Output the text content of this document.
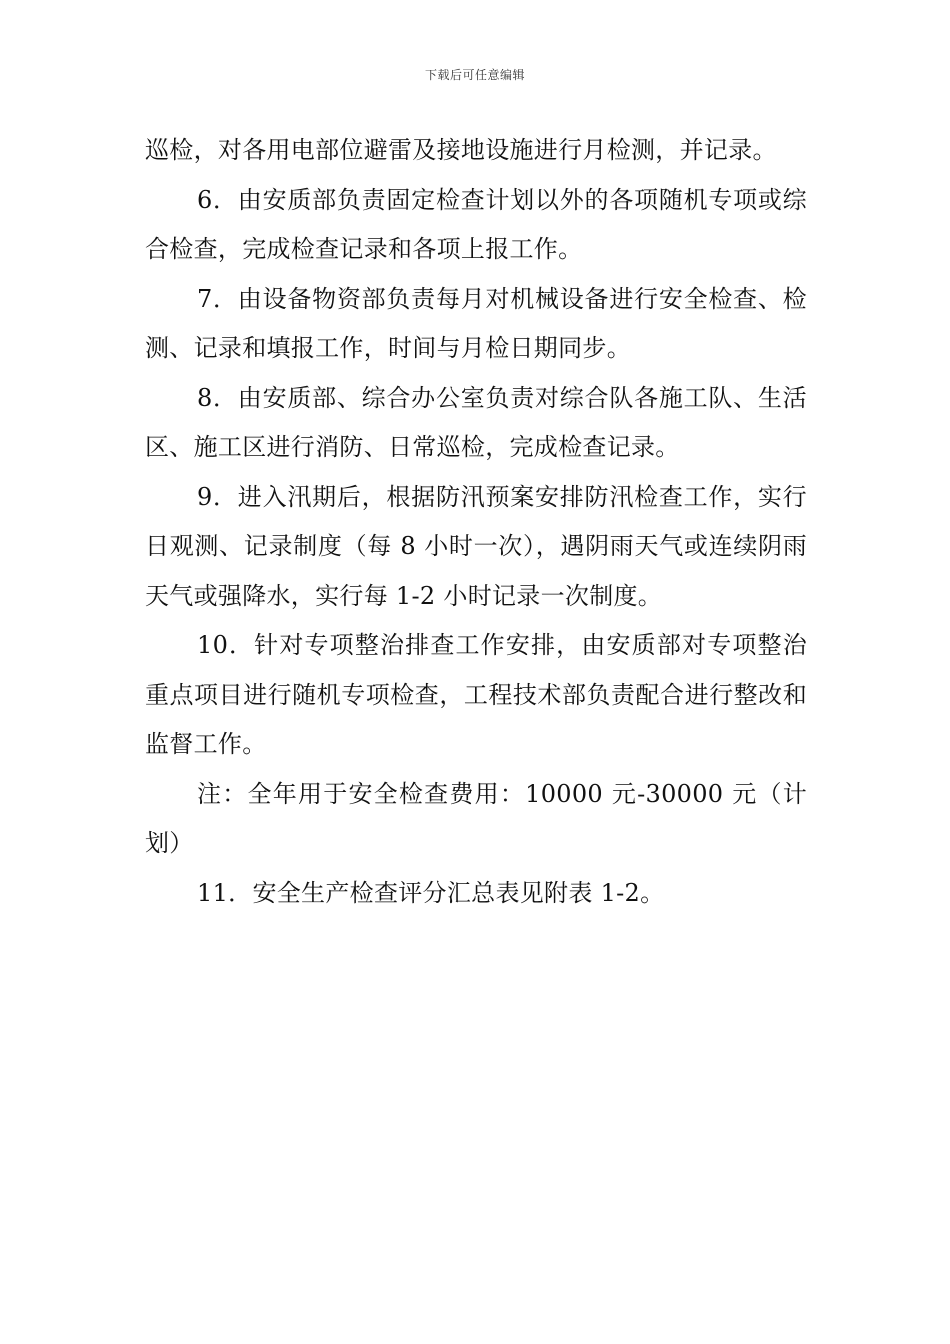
下载后可任意编辑

巡检，对各用电部位避雷及接地设施进行月检测，并记录。

6．由安质部负责固定检查计划以外的各项随机专项或综合检查，完成检查记录和各项上报工作。

7．由设备物资部负责每月对机械设备进行安全检查、检测、记录和填报工作，时间与月检日期同步。

8．由安质部、综合办公室负责对综合队各施工队、生活区、施工区进行消防、日常巡检，完成检查记录。

9．进入汛期后，根据防汛预案安排防汛检查工作，实行日观测、记录制度（每 8 小时一次），遇阴雨天气或连续阴雨天气或强降水，实行每 1-2 小时记录一次制度。

10．针对专项整治排查工作安排，由安质部对专项整治重点项目进行随机专项检查，工程技术部负责配合进行整改和监督工作。

注：全年用于安全检查费用：10000 元-30000 元（计划）

11．安全生产检查评分汇总表见附表 1-2。
